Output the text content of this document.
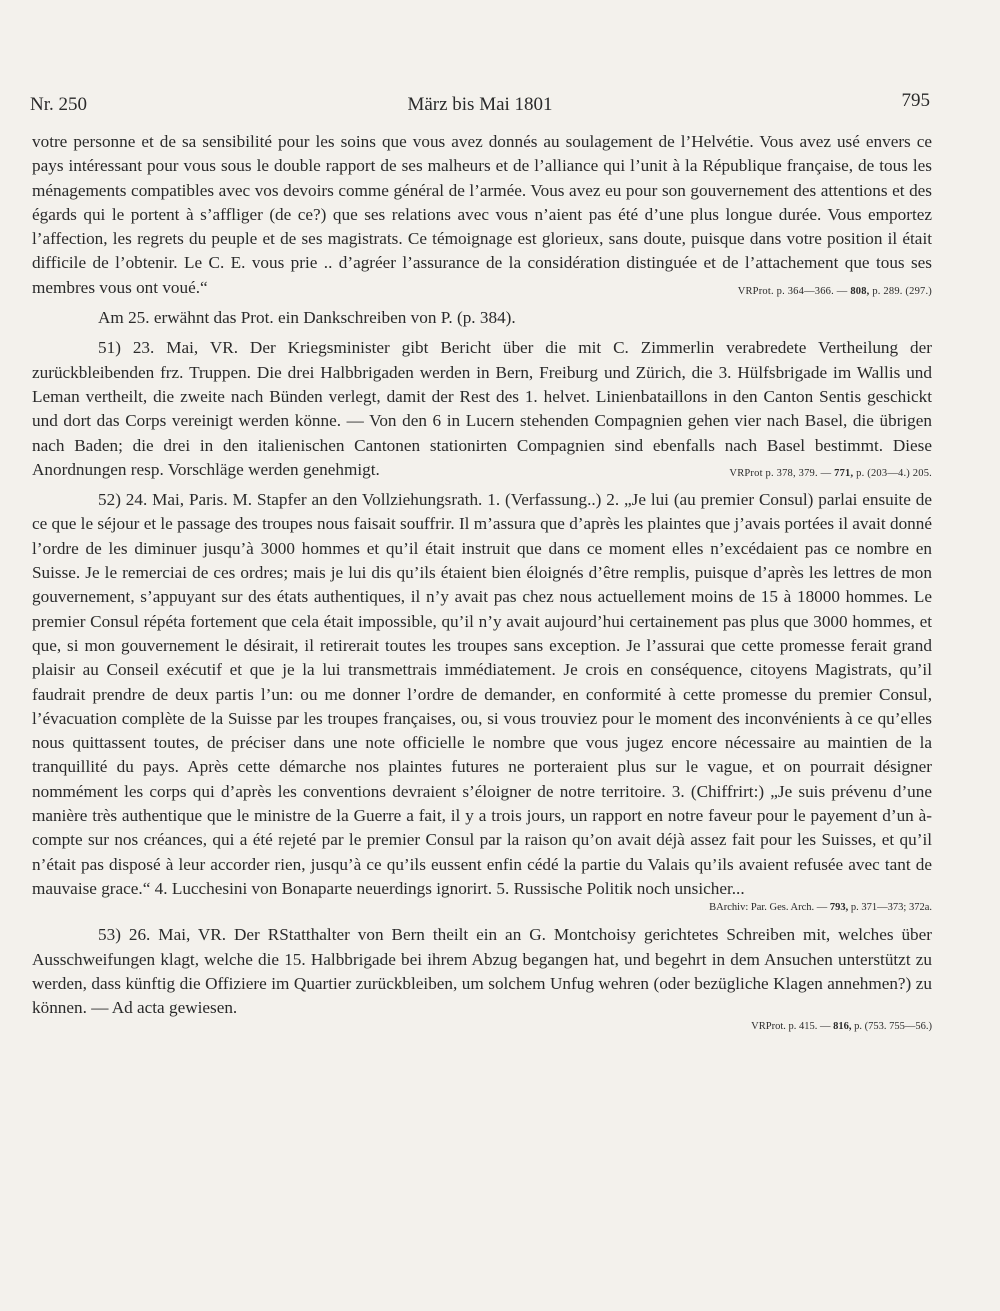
Nr. 250	März bis Mai 1801	795

votre personne et de sa sensibilité pour les soins que vous avez donnés au soulagement de l’Helvétie. Vous avez usé envers ce pays intéressant pour vous sous le double rapport de ses malheurs et de l’alliance qui l’unit à la République française, de tous les ménagements compatibles avec vos devoirs comme général de l’armée. Vous avez eu pour son gouvernement des attentions et des égards qui le portent à s’affliger (de ce?) que ses relations avec vous n’aient pas été d’une plus longue durée. Vous emportez l’affection, les regrets du peuple et de ses magistrats. Ce témoignage est glorieux, sans doute, puisque dans votre position il était difficile de l’obtenir. Le C. E. vous prie .. d’agréer l’assurance de la considération distinguée et de l’attachement que tous ses membres vous ont voué.“	VRProt. p. 364—366. — 808, p. 289. (297.)

Am 25. erwähnt das Prot. ein Dankschreiben von P. (p. 384).

51) 23. Mai, VR. Der Kriegsminister gibt Bericht über die mit C. Zimmerlin verabredete Vertheilung der zurückbleibenden frz. Truppen. Die drei Halbbrigaden werden in Bern, Freiburg und Zürich, die 3. Hülfsbrigade im Wallis und Leman vertheilt, die zweite nach Bünden verlegt, damit der Rest des 1. helvet. Linienbataillons in den Canton Sentis geschickt und dort das Corps vereinigt werden könne. — Von den 6 in Lucern stehenden Compagnien gehen vier nach Basel, die übrigen nach Baden; die drei in den italienischen Cantonen stationirten Compagnien sind ebenfalls nach Basel bestimmt. Diese Anordnungen resp. Vorschläge werden genehmigt.	VRProt p. 378, 379. — 771, p. (203—4.) 205.

52) 24. Mai, Paris. M. Stapfer an den Vollziehungsrath. 1. (Verfassung..) 2. „Je lui (au premier Consul) parlai ensuite de ce que le séjour et le passage des troupes nous faisait souffrir. Il m’assura que d’après les plaintes que j’avais portées il avait donné l’ordre de les diminuer jusqu’à 3000 hommes et qu’il était instruit que dans ce moment elles n’excédaient pas ce nombre en Suisse. Je le remerciai de ces ordres; mais je lui dis qu’ils étaient bien éloignés d’être remplis, puisque d’après les lettres de mon gouvernement, s’appuyant sur des états authentiques, il n’y avait pas chez nous actuellement moins de 15 à 18000 hommes. Le premier Consul répéta fortement que cela était impossible, qu’il n’y avait aujourd’hui certainement pas plus que 3000 hommes, et que, si mon gouvernement le désirait, il retirerait toutes les troupes sans exception. Je l’assurai que cette promesse ferait grand plaisir au Conseil exécutif et que je la lui transmettrais immédiatement. Je crois en conséquence, citoyens Magistrats, qu’il faudrait prendre de deux partis l’un: ou me donner l’ordre de demander, en conformité à cette promesse du premier Consul, l’évacuation complète de la Suisse par les troupes françaises, ou, si vous trouviez pour le moment des inconvénients à ce qu’elles nous quittassent toutes, de préciser dans une note officielle le nombre que vous jugez encore nécessaire au maintien de la tranquillité du pays. Après cette démarche nos plaintes futures ne porteraient plus sur le vague, et on pourrait désigner nommément les corps qui d’après les conventions devraient s’éloigner de notre territoire. 3. (Chiffrirt:) „Je suis prévenu d’une manière très authentique que le ministre de la Guerre a fait, il y a trois jours, un rapport en notre faveur pour le payement d’un à-compte sur nos créances, qui a été rejeté par le premier Consul par la raison qu’on avait déjà assez fait pour les Suisses, et qu’il n’était pas disposé à leur accorder rien, jusqu’à ce qu’ils eussent enfin cédé la partie du Valais qu’ils avaient refusée avec tant de mauvaise grace.“ 4. Lucchesini von Bonaparte neuerdings ignorirt. 5. Russische Politik noch unsicher...

BArchiv: Par. Ges. Arch. — 793, p. 371—373; 372a.

53) 26. Mai, VR. Der RStatthalter von Bern theilt ein an G. Montchoisy gerichtetes Schreiben mit, welches über Ausschweifungen klagt, welche die 15. Halbbrigade bei ihrem Abzug begangen hat, und begehrt in dem Ansuchen unterstützt zu werden, dass künftig die Offiziere im Quartier zurückbleiben, um solchem Unfug wehren (oder bezügliche Klagen annehmen?) zu können. — Ad acta gewiesen.

VRProt. p. 415. — 816, p. (753. 755—56.)
